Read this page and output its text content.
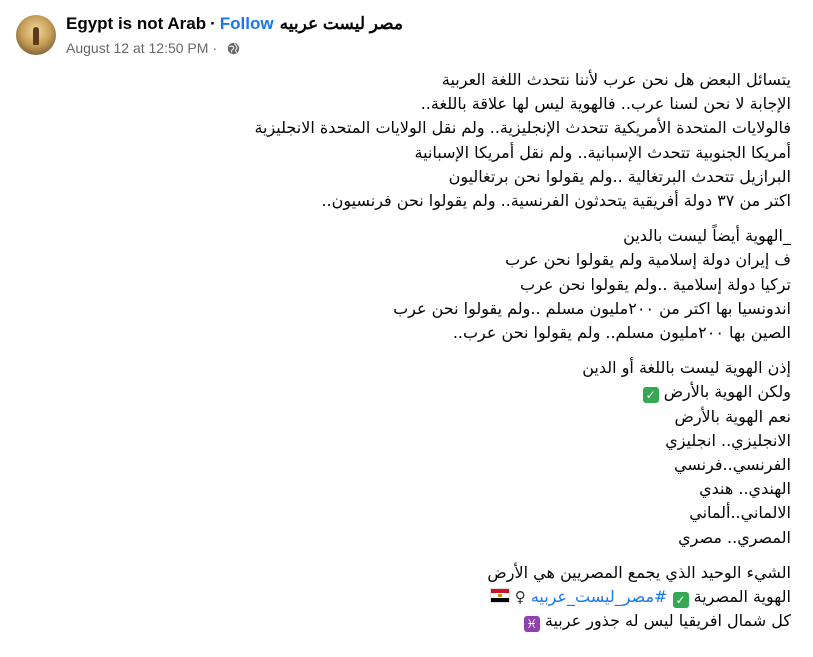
Egypt is not Arab · Follow مصر ليست عربيه
August 12 at 12:50 PM ·
يتسائل البعض هل نحن عرب لأننا نتحدث اللغة العربية
الإجابة لا نحن لسنا عرب.. فالهوية ليس لها علاقة باللغة..
فالولايات المتحدة الأمريكية تتحدث الإنجليزية.. ولم نقل الولايات المتحدة الانجليزية
أمريكا الجنوبية تتحدث الإسبانية.. ولم نقل أمريكا الإسبانية
البرازيل تتحدث البرتغالية ..ولم يقولوا نحن برتغاليون
اكتر من ٣٧ دولة أفريقية يتحدثون الفرنسية.. ولم يقولوا نحن فرنسيون..
_الهوية أيضاً ليست بالدين
ف إيران دولة إسلامية ولم يقولوا نحن عرب
تركيا دولة إسلامية ..ولم يقولوا نحن عرب
اندونسيا بها اكتر من ٢٠٠مليون مسلم ..ولم يقولوا نحن عرب
الصين بها ٢٠٠مليون مسلم.. ولم يقولوا نحن عرب..
إذن الهوية ليست باللغة أو الدين
ولكن الهوية بالأرض ✓
نعم الهوية بالأرض
الانجليزي.. انجليزي
الفرنسي..فرنسي
الهندي.. هندي
الالماني..ألماني
المصري.. مصري
الشيء الوحيد الذي يجمع المصريين هي الأرض
الهوية المصرية ✓ #مصر_ليست_عربيه ♀
كل شمال افريقيا ليس له جذور عربية ♓
